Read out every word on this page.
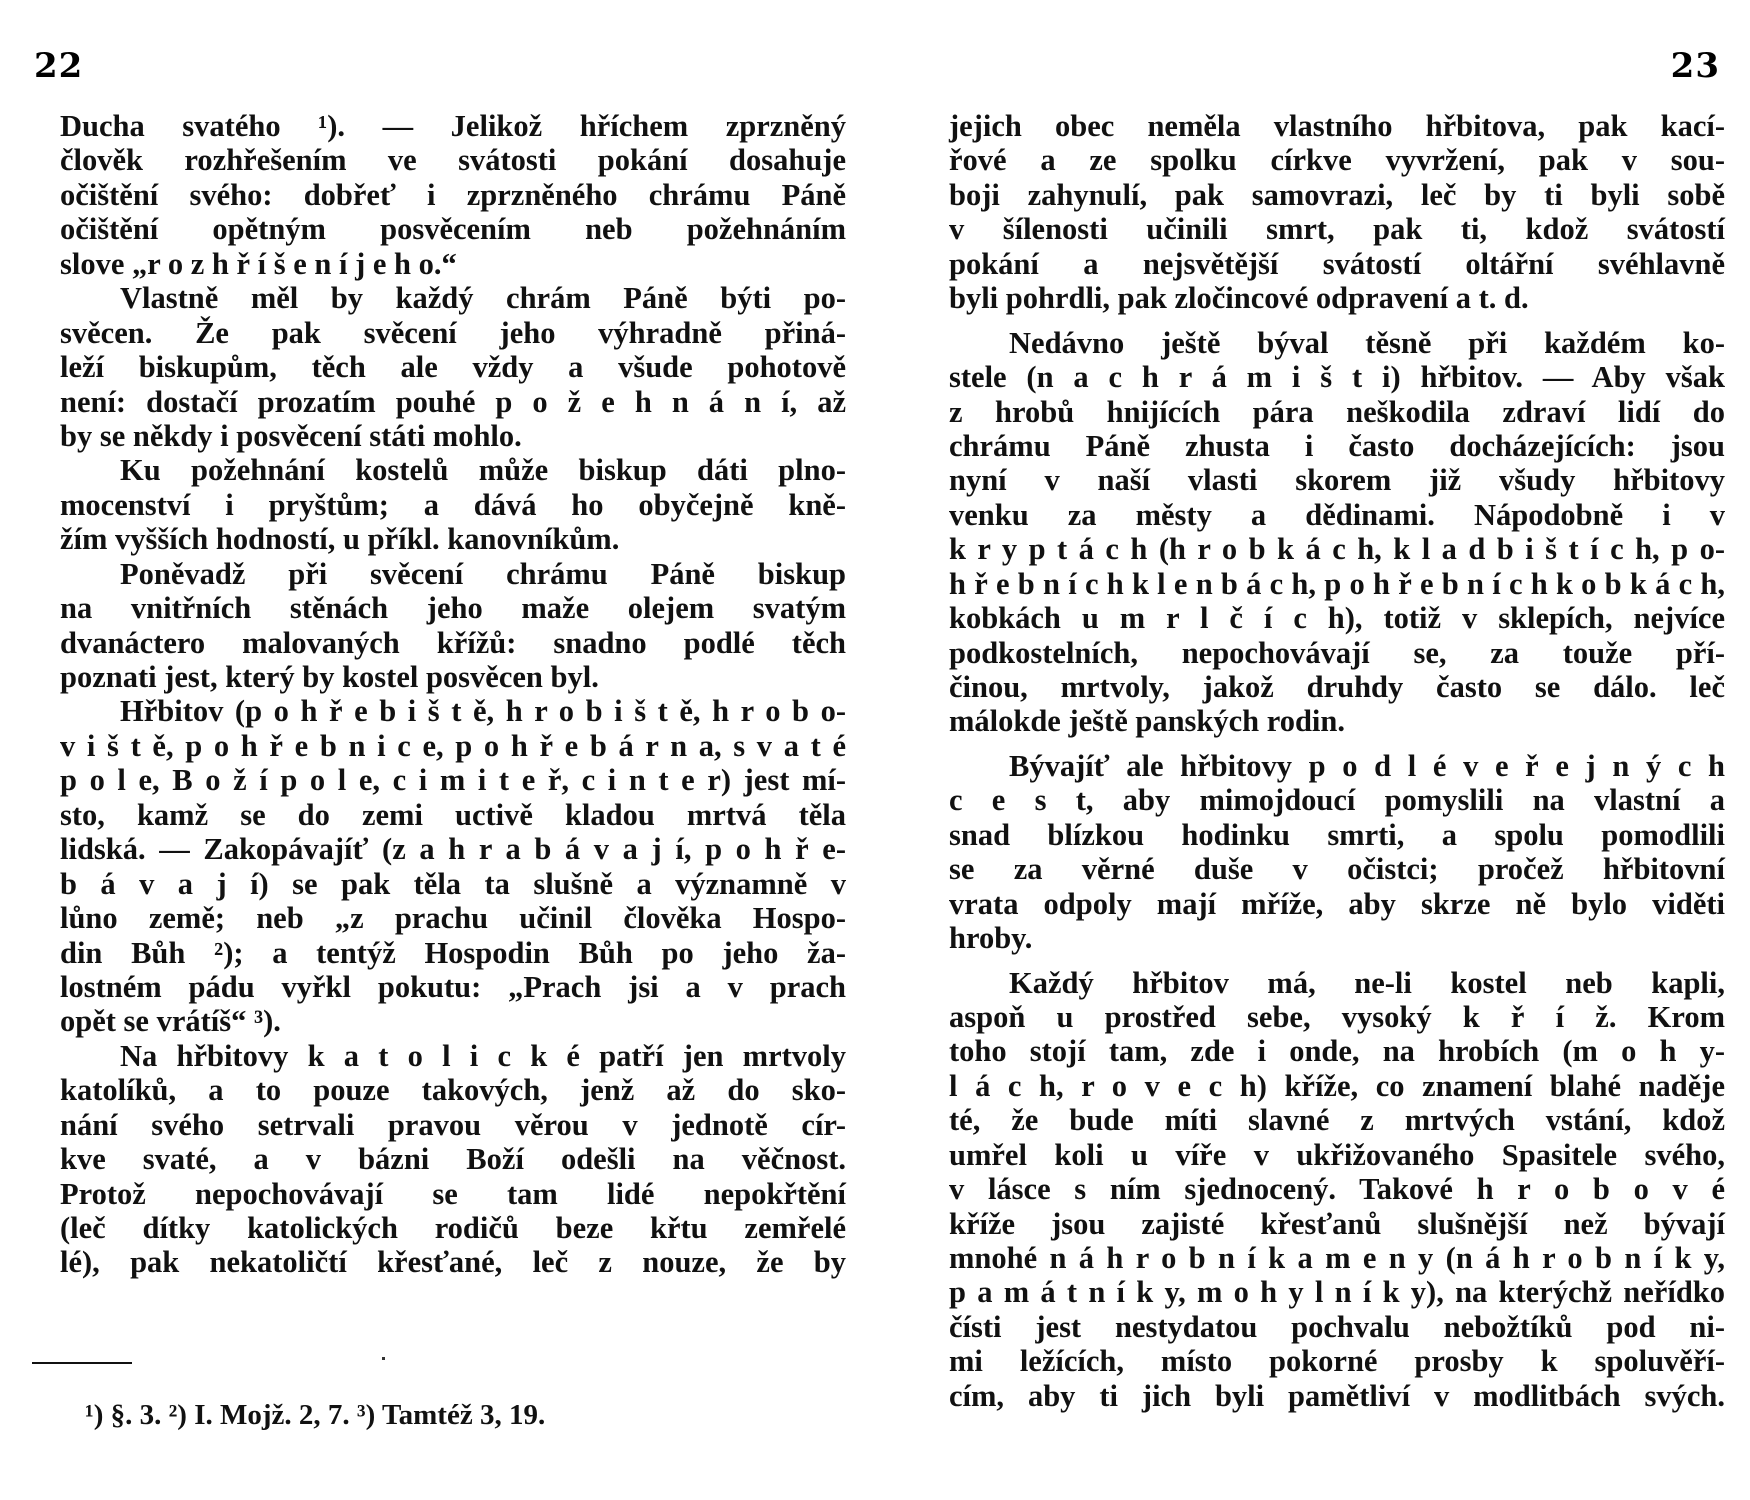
22
Ducha svatého ¹). — Jelikož hříchem zprzněný
člověk rozhřešením ve svátosti pokání dosahuje
očištění svého: dobřeť i zprzněného chrámu Páně
očištění opětným posvěcením neb požehnáním
slove „r o z h ř í š e n í j e h o.“
Vlastně měl by každý chrám Páně býti po-
svěcen. Že pak svěcení jeho výhradně přiná-
leží biskupům, těch ale vždy a všude pohotově
není: dostačí prozatím pouhé p o ž e h n á n í, až
by se někdy i posvěcení státi mohlo.
Ku požehnání kostelů může biskup dáti plno-
mocenství i pryštům; a dává ho obyčejně kně-
žím vyšších hodností, u příkl. kanovníkům.
Poněvadž při svěcení chrámu Páně biskup
na vnitřních stěnách jeho maže olejem svatým
dvanáctero malovaných křížů: snadno podlé těch
poznati jest, který by kostel posvěcen byl.
Hřbitov (p o h ř e b i š t ě, h r o b i š t ě, h r o b o-
v i š t ě, p o h ř e b n i c e, p o h ř e b á r n a, s v a t é
p o l e, B o ž í p o l e, c i m i t e ř, c i n t e r) jest mí-
sto, kamž se do zemi uctivě kladou mrtvá těla
lidská. — Zakopávajíť (z a h r a b á v a j í, p o h ř e-
b á v a j í) se pak těla ta slušně a významně v
lůno země; neb „z prachu učinil člověka Hospo-
din Bůh ²); a tentýž Hospodin Bůh po jeho ža-
lostném pádu vyřkl pokutu: „Prach jsi a v prach
opět se vrátíš“ ³).
Na hřbitovy k a t o l i c k é patří jen mrtvoly
katolíků, a to pouze takových, jenž až do sko-
nání svého setrvali pravou věrou v jednotě cír-
kve svaté, a v bázni Boží odešli na věčnost.
Protož nepochovávají se tam lidé nepokřtění
(leč dítky katolických rodičů beze křtu zemřelé
lé), pak nekatoličtí křesťané, leč z nouze, že by
¹) §. 3. ²) I. Mojž. 2, 7. ³) Tamtéž 3, 19.
23
jejich obec neměla vlastního hřbitova, pak kací-
řové a ze spolku církve vyvržení, pak v sou-
boji zahynulí, pak samovrazi, leč by ti byli sobě
v šílenosti učinili smrt, pak ti, kdož svátostí
pokání a nejsvětější svátostí oltářní svéhlavně
byli pohrdli, pak zločincové odpravení a t. d.
Nedávno ještě býval těsně při každém ko-
stele (n a c h r á m i š t i) hřbitov. — Aby však
z hrobů hnijících pára neškodila zdraví lidí do
chrámu Páně zhusta i často docházejících: jsou
nyní v naší vlasti skorem již všudy hřbitovy
venku za městy a dědinami. Nápodobně i v
k r y p t á c h (h r o b k á c h, k l a d b i š t í c h, p o-
h ř e b n í c h k l e n b á c h, p o h ř e b n í c h k o b k á c h,
kobkách u m r l č í c h), totiž v sklepích, nejvíce
podkostelních, nepochovávají se, za touže pří-
činou, mrtvoly, jakož druhdy často se dálo. leč
málokde ještě panských rodin.
Bývajíť ale hřbitovy p o d l é v e ř e j n ý c h
c e s t, aby mimojdoucí pomyslili na vlastní a
snad blízkou hodinku smrti, a spolu pomodlili
se za věrné duše v očistci; pročež hřbitovní
vrata odpoly mají mříže, aby skrze ně bylo viděti
hroby.
Každý hřbitov má, ne-li kostel neb kapli,
aspoň u prostřed sebe, vysoký k ř í ž. Krom
toho stojí tam, zde i onde, na hrobích (m o h y-
l á c h, r o v e c h) kříže, co znamení blahé naděje
té, že bude míti slavné z mrtvých vstání, kdož
umřel koli u víře v ukřižovaného Spasitele svého,
v lásce s ním sjednocený. Takové h r o b o v é
kříže jsou zajisté křesťanů slušnější než bývají
mnohé n á h r o b n í k a m e n y (n á h r o b n í k y,
p a m á t n í k y, m o h y l n í k y), na kterýchž neřídko
čísti jest nestydatou pochvalu nebožtíků pod ni-
mi ležících, místo pokorné prosby k spoluvěří-
cím, aby ti jich byli pamětliví v modlitbách svých.
